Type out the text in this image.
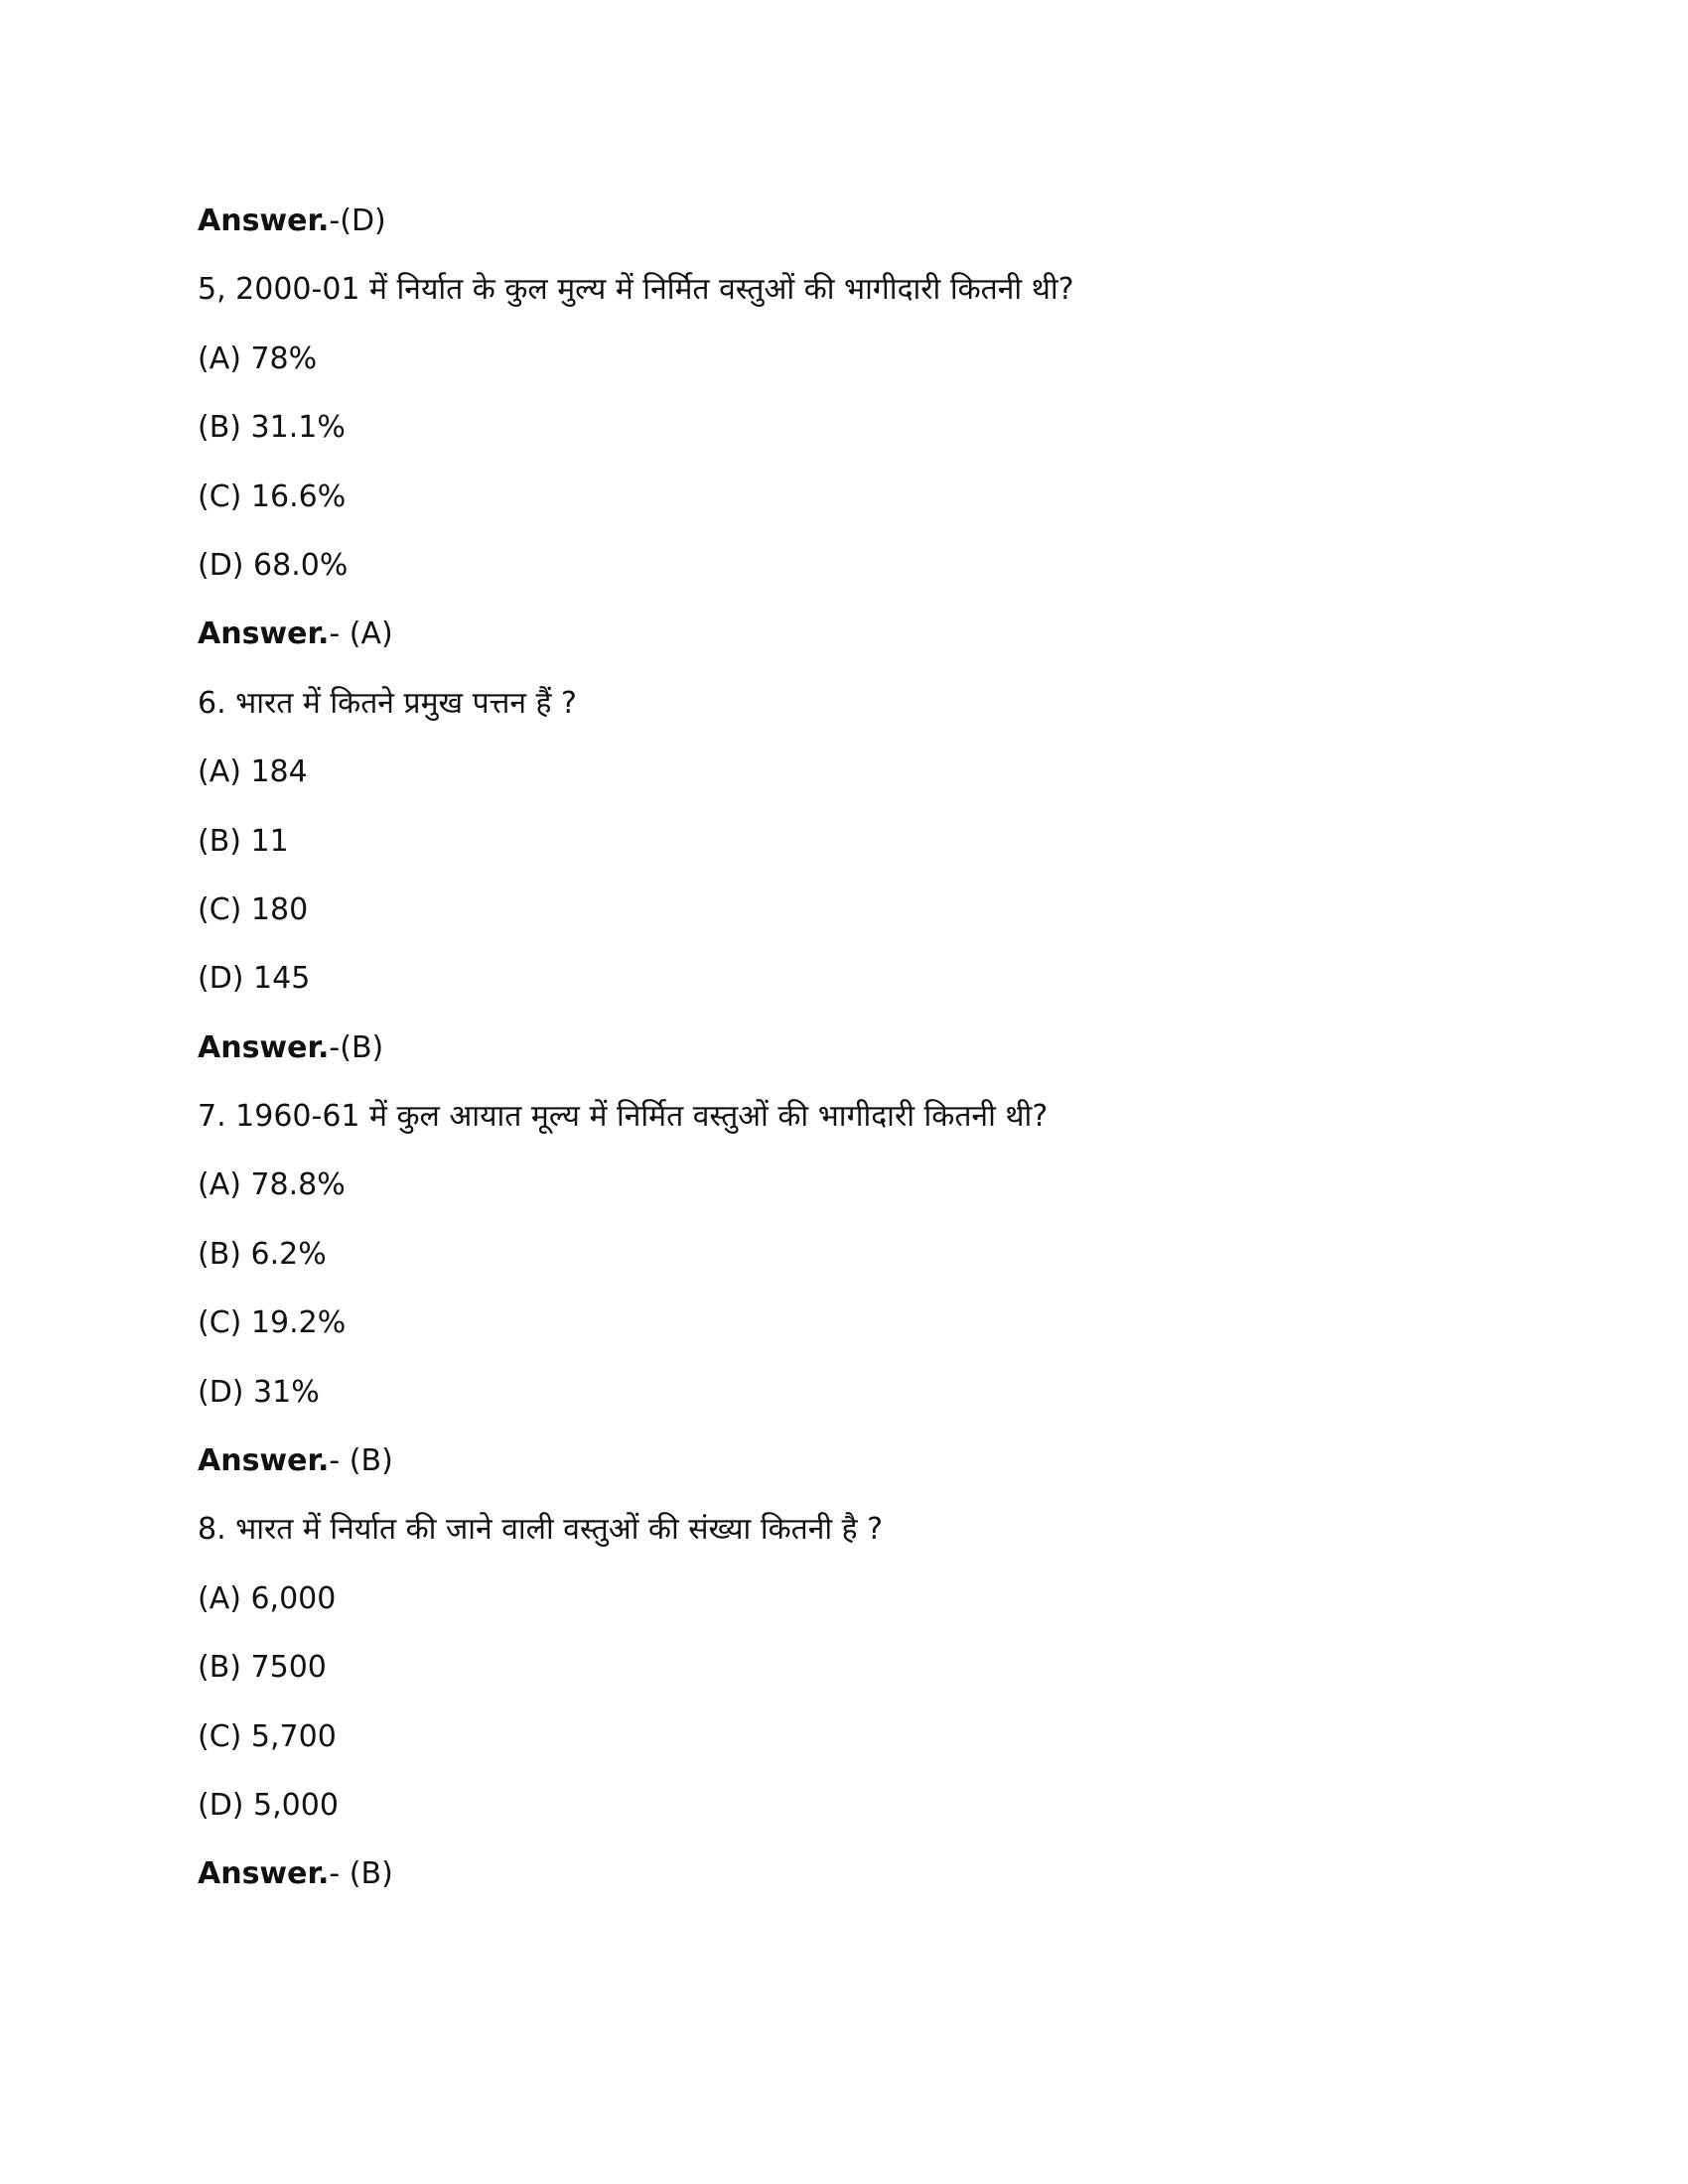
Answer.-(D)
5, 2000-01 में निर्यात के कुल मुल्य में निर्मित वस्तुओं की भागीदारी कितनी थी?
(A) 78%
(B) 31.1%
(C) 16.6%
(D) 68.0%
Answer.- (A)
6. भारत में कितने प्रमुख पत्तन हैं ?
(A) 184
(B) 11
(C) 180
(D) 145
Answer.-(B)
7. 1960-61 में कुल आयात मूल्य में निर्मित वस्तुओं की भागीदारी कितनी थी?
(A) 78.8%
(B) 6.2%
(C) 19.2%
(D) 31%
Answer.- (B)
8. भारत में निर्यात की जाने वाली वस्तुओं की संख्या कितनी है ?
(A) 6,000
(B) 7500
(C) 5,700
(D) 5,000
Answer.- (B)
